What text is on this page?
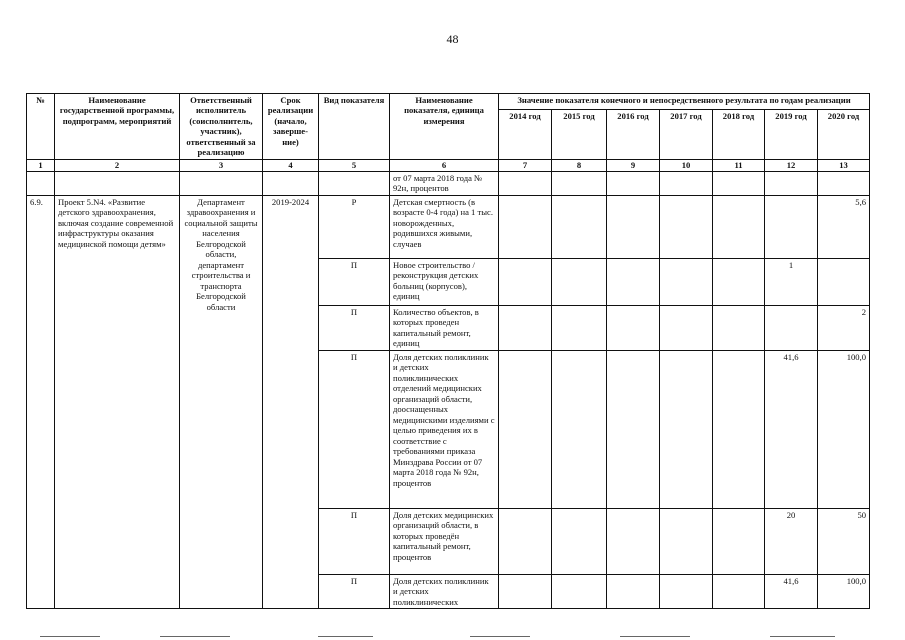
48
№	Наименование государственной программы, подпрограмм, мероприятий	Ответственный исполнитель (соисполнитель, участник), ответственный за реализацию	Срок реализации (начало, заверше-ние)	Вид показателя	Наименование показателя, единица измерения	Значение показателя конечного и непосредственного результата по годам реализации						
						2014 год	2015 год	2016 год	2017 год	2018 год	2019 год	2020 год
1	2	3	4	5	6	7	8	9	10	11	12	13
					от 07 марта 2018 года № 92н, процентов							
6.9.	Проект 5.N4. «Развитие детского здравоохранения, включая создание современной инфраструктуры оказания медицинской помощи детям»	Департамент здравоохранения и социальной защиты населения Белгородской области, департамент строительства и транспорта Белгородской области	2019-2024	Р	Детская смертность (в возрасте 0-4 года) на 1 тыс. новорожденных, родившихся живыми, случаев							5,6
				П	Новое строительство / реконструкция детских больниц (корпусов), единиц						1	
				П	Количество объектов, в которых проведен капитальный ремонт, единиц							2
				П	Доля детских поликлиник и детских поликлинических отделений медицинских организаций области, дооснащенных медицинскими изделиями с целью приведения их в соответствие с требованиями приказа Минздрава России от 07 марта 2018 года № 92н, процентов						41,6	100,0
				П	Доля детских медицинских организаций области, в которых проведён капитальный ремонт, процентов						20	50
				П	Доля детских поликлиник и детских поликлинических						41,6	100,0
